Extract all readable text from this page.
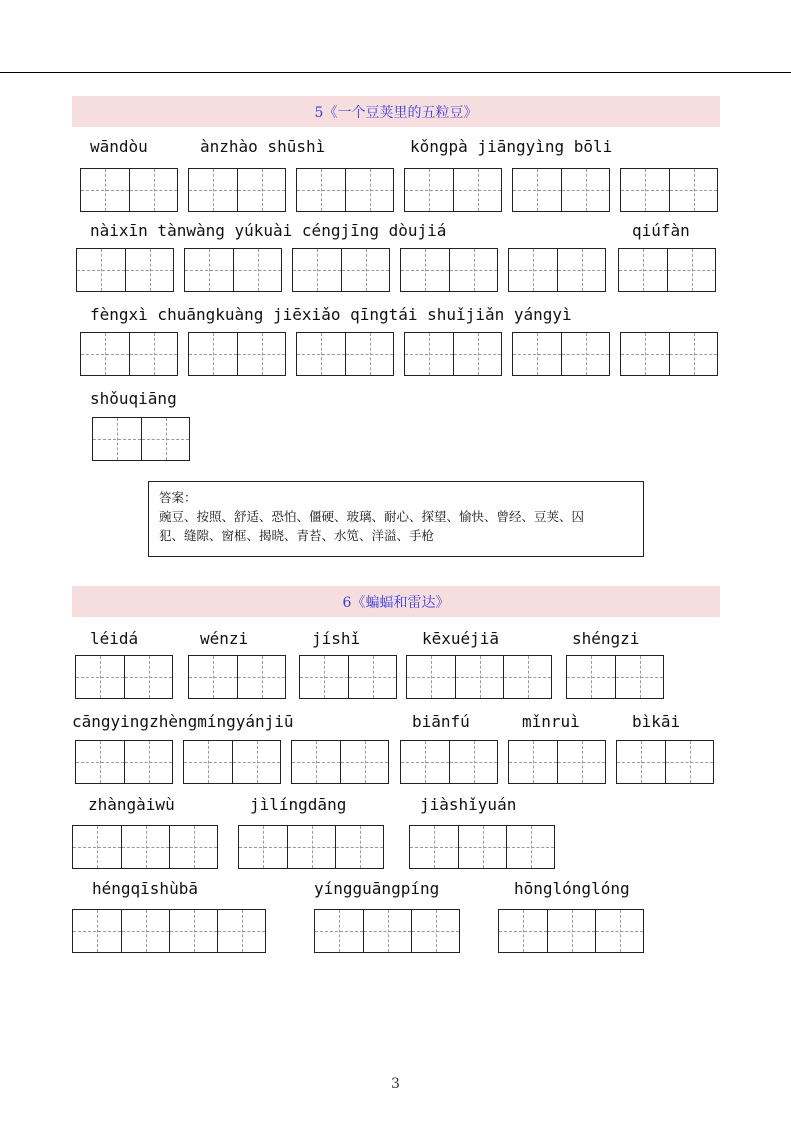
5《一个豆荚里的五粒豆》
wāndòu	ànzhào shūshì	kǒngpà jiāngyìng bōli
nàixīn tànwàng yúkuài céngjīng dòujiá	qiúfàn
fèngxì chuāngkuàng jiēxiǎo qīngtái shuǐjiǎn yángyì
shǒuqiāng
答案：
豌豆、按照、舒适、恐怕、僵硬、玻璃、耐心、探望、愉快、曾经、豆荚、囚
犯、缝隙、窗框、揭晓、青苔、水笕、洋溢、手枪
6《蝙蝠和雷达》
léidá	wénzi	jíshǐ	kēxuéjiā	shéngzi
cāngyingzhèngmíngyánjiū	biānfú	mǐnruì	bìkāi
zhàngàiwù	jìlíngdāng	jiàshǐyuán
héngqīshùbā	yíngguāngpíng	hōnglónglóng
3
